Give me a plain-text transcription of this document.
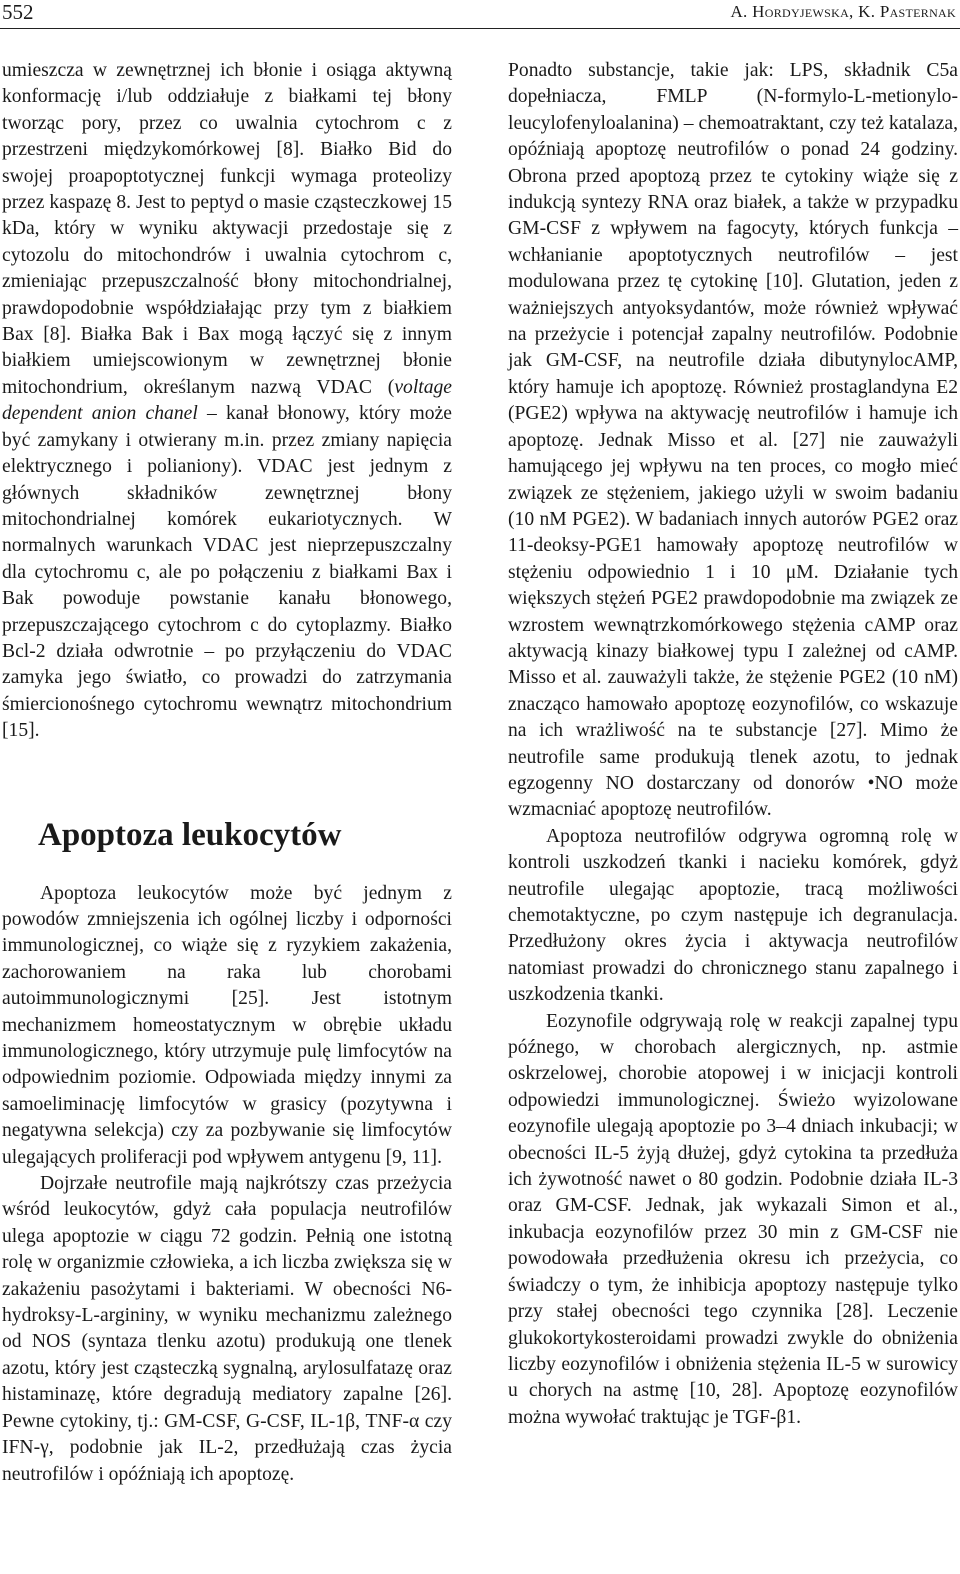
552	A. Hordyjewska, K. Pasternak

umieszcza w zewnętrznej ich błonie i osiąga aktywną konformację i/lub oddziałuje z białkami tej błony tworząc pory, przez co uwalnia cytochrom c z przestrzeni międzykomórkowej [8]. Białko Bid do swojej proapoptotycznej funkcji wymaga proteolizy przez kaspazę 8. Jest to peptyd o masie cząsteczkowej 15 kDa, który w wyniku aktywacji przedostaje się z cytozolu do mitochondrów i uwalnia cytochrom c, zmieniając przepuszczalność błony mitochondrialnej, prawdopodobnie współdziałając przy tym z białkiem Bax [8]. Białka Bak i Bax mogą łączyć się z innym białkiem umiejscowionym w zewnętrznej błonie mitochondrium, określanym nazwą VDAC (voltage dependent anion chanel – kanał błonowy, który może być zamykany i otwierany m.in. przez zmiany napięcia elektrycznego i polianiony). VDAC jest jednym z głównych składników zewnętrznej błony mitochondrialnej komórek eukariotycznych. W normalnych warunkach VDAC jest nieprzepuszczalny dla cytochromu c, ale po połączeniu z białkami Bax i Bak powoduje powstanie kanału błonowego, przepuszczającego cytochrom c do cytoplazmy. Białko Bcl-2 działa odwrotnie – po przyłączeniu do VDAC zamyka jego światło, co prowadzi do zatrzymania śmiercionośnego cytochromu wewnątrz mitochondrium [15].

Apoptoza leukocytów

Apoptoza leukocytów może być jednym z powodów zmniejszenia ich ogólnej liczby i odporności immunologicznej, co wiąże się z ryzykiem zakażenia, zachorowaniem na raka lub chorobami autoimmunologicznymi [25]. Jest istotnym mechanizmem homeostatycznym w obrębie układu immunologicznego, który utrzymuje pulę limfocytów na odpowiednim poziomie. Odpowiada między innymi za samoeliminację limfocytów w grasicy (pozytywna i negatywna selekcja) czy za pozbywanie się limfocytów ulegających proliferacji pod wpływem antygenu [9, 11].

Dojrzałe neutrofile mają najkrótszy czas przeżycia wśród leukocytów, gdyż cała populacja neutrofilów ulega apoptozie w ciągu 72 godzin. Pełnią one istotną rolę w organizmie człowieka, a ich liczba zwiększa się w zakażeniu pasożytami i bakteriami. W obecności N6-hydroksy-L-argininy, w wyniku mechanizmu zależnego od NOS (syntaza tlenku azotu) produkują one tlenek azotu, który jest cząsteczką sygnalną, arylosulfatazę oraz histaminazę, które degradują mediatory zapalne [26]. Pewne cytokiny, tj.: GM-CSF, G-CSF, IL-1β, TNF-α czy IFN-γ, podobnie jak IL-2, przedłużają czas życia neutrofilów i opóźniają ich apoptozę.

Ponadto substancje, takie jak: LPS, składnik C5a dopełniacza, FMLP (N-formylo-L-metionylo-leucylofenyloalanina) – chemoatraktant, czy też katalaza, opóźniają apoptozę neutrofilów o ponad 24 godziny. Obrona przed apoptozą przez te cytokiny wiąże się z indukcją syntezy RNA oraz białek, a także w przypadku GM-CSF z wpływem na fagocyty, których funkcja – wchłanianie apoptotycznych neutrofilów – jest modulowana przez tę cytokinę [10]. Glutation, jeden z ważniejszych antyoksydantów, może również wpływać na przeżycie i potencjał zapalny neutrofilów. Podobnie jak GM-CSF, na neutrofile działa dibutynylocAMP, który hamuje ich apoptozę. Również prostaglandyna E2 (PGE2) wpływa na aktywację neutrofilów i hamuje ich apoptozę. Jednak Misso et al. [27] nie zauważyli hamującego jej wpływu na ten proces, co mogło mieć związek ze stężeniem, jakiego użyli w swoim badaniu (10 nM PGE2). W badaniach innych autorów PGE2 oraz 11-deoksy-PGE1 hamowały apoptozę neutrofilów w stężeniu odpowiednio 1 i 10 μM. Działanie tych większych stężeń PGE2 prawdopodobnie ma związek ze wzrostem wewnątrzkomórkowego stężenia cAMP oraz aktywacją kinazy białkowej typu I zależnej od cAMP. Misso et al. zauważyli także, że stężenie PGE2 (10 nM) znacząco hamowało apoptozę eozynofilów, co wskazuje na ich wrażliwość na te substancje [27]. Mimo że neutrofile same produkują tlenek azotu, to jednak egzogenny NO dostarczany od donorów •NO może wzmacniać apoptozę neutrofilów.

Apoptoza neutrofilów odgrywa ogromną rolę w kontroli uszkodzeń tkanki i nacieku komórek, gdyż neutrofile ulegając apoptozie, tracą możliwości chemotaktyczne, po czym następuje ich degranulacja. Przedłużony okres życia i aktywacja neutrofilów natomiast prowadzi do chronicznego stanu zapalnego i uszkodzenia tkanki.

Eozynofile odgrywają rolę w reakcji zapalnej typu późnego, w chorobach alergicznych, np. astmie oskrzelowej, chorobie atopowej i w inicjacji kontroli odpowiedzi immunologicznej. Świeżo wyizolowane eozynofile ulegają apoptozie po 3–4 dniach inkubacji; w obecności IL-5 żyją dłużej, gdyż cytokina ta przedłuża ich żywotność nawet o 80 godzin. Podobnie działa IL-3 oraz GM-CSF. Jednak, jak wykazali Simon et al., inkubacja eozynofilów przez 30 min z GM-CSF nie powodowała przedłużenia okresu ich przeżycia, co świadczy o tym, że inhibicja apoptozy następuje tylko przy stałej obecności tego czynnika [28]. Leczenie glukokortykosteroidami prowadzi zwykle do obniżenia liczby eozynofilów i obniżenia stężenia IL-5 w surowicy u chorych na astmę [10, 28]. Apoptozę eozynofilów można wywołać traktując je TGF-β1.
